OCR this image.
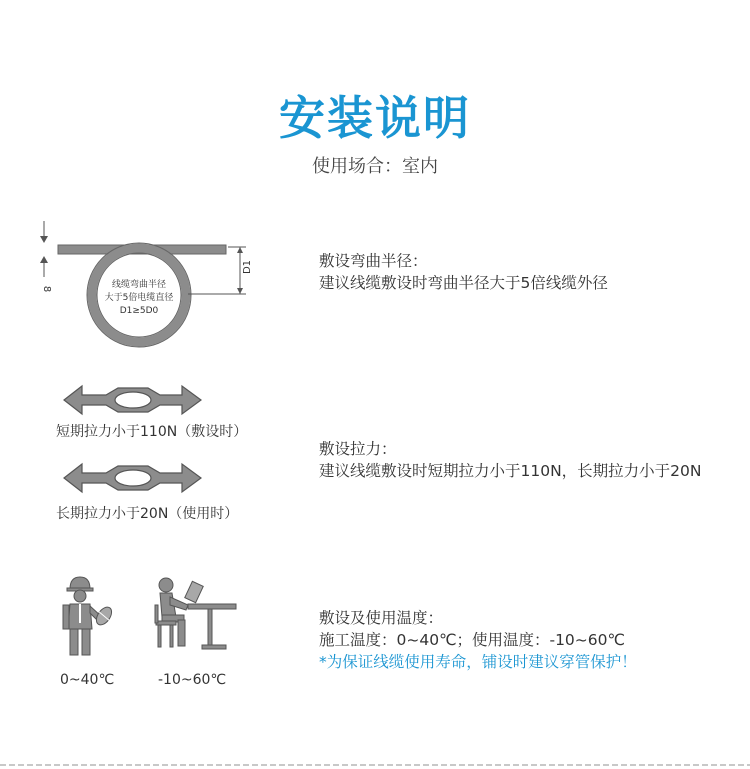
安装说明
使用场合：室内
8	线缆弯曲半径
大于5倍电缆直径
D1≥5D0
D1	敷设弯曲半径：
建议线缆敷设时弯曲半径大于5倍线缆外径
短期拉力小于110N（敷设时）
长期拉力小于20N（使用时）
敷设拉力：
建议线缆敷设时短期拉力小于110N，长期拉力小于20N
0~40℃	-10~60℃
敷设及使用温度：
施工温度：0~40℃；使用温度：-10~60℃
*为保证线缆使用寿命，铺设时建议穿管保护！
